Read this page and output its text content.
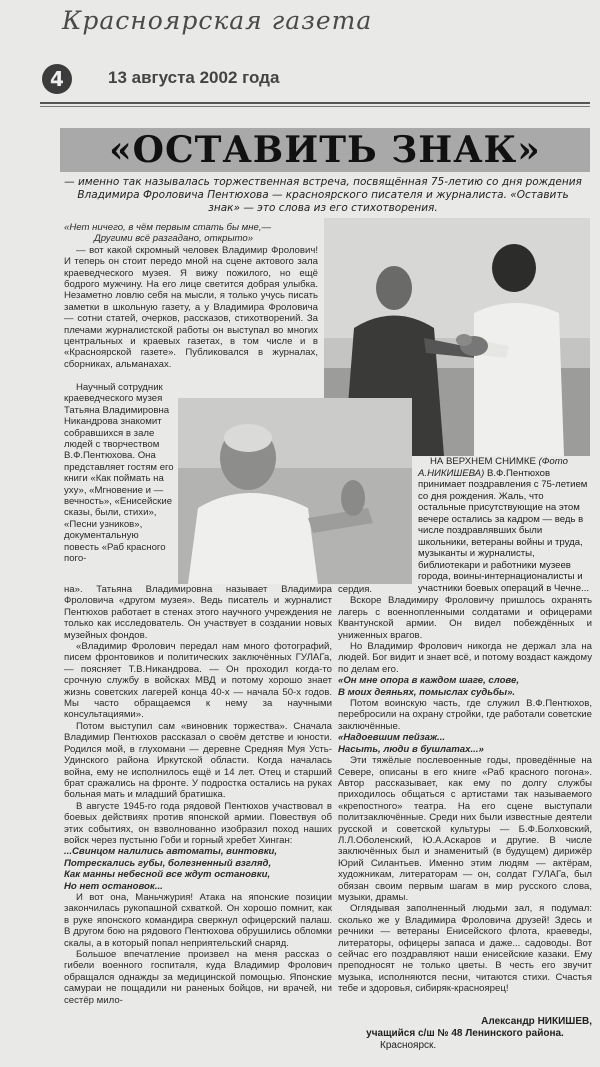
Красноярская газета
4	13 августа 2002 года
«ОСТАВИТЬ ЗНАК»
— именно так называлась торжественная встреча, посвящённая 75-летию со дня рождения Владимира Фроловича Пентюхова — красноярского писателя и журналиста. «Оставить знак» — это слова из его стихотворения.

«Нет ничего, в чём первым стать бы мне,—

Другими всё разгадано, открыто»

— вот какой скромный человек Владимир Фролович! И теперь он стоит передо мной на сцене актового зала краеведческого музея. Я вижу пожилого, но ещё бодрого мужчину. На его лице светится добрая улыбка. Незаметно ловлю себя на мысли, я только учусь писать заметки в школьную газету, а у Владимира Фроловича — сотни статей, очерков, рассказов, стихотворений. За плечами журналистской работы он выступал во многих центральных и краевых газетах, в том числе и в «Красноярской газете». Публиковался в журналах, сборниках, альманахах.

Научный сотрудник краеведческого музея Татьяна Владимировна Никандрова знакомит собравшихся в зале людей с творчеством В.Ф.Пентюхова. Она представляет гостям его книги «Как поймать на уху», «Мгновение и — вечность», «Енисейские сказы, были, стихи», «Песни узников», документальную повесть «Раб красного пого-

НА ВЕРХНЕМ СНИМКЕ (Фото А.НИКИШЕВА) В.Ф.Пентюхов принимает поздравления с 75-летием со дня рождения. Жаль, что остальные присутствующие на этом вечере остались за кадром — ведь в числе поздравлявших были школьники, ветераны войны и труда, музыканты и журналисты, библиотекари и работники музеев города, воины-интернационалисты и участники боевых операций в Чечне...

на». Татьяна Владимировна называет Владимира Фроловича «другом музея». Ведь писатель и журналист Пентюхов работает в стенах этого научного учреждения не только как исследователь. Он участвует в создании новых музейных фондов.

«Владимир Фролович передал нам много фотографий, писем фронтовиков и политических заключённых ГУЛАГа, — поясняет Т.В.Никандрова. — Он проходил когда-то срочную службу в войсках МВД и потому хорошо знает жизнь советских лагерей конца 40-х — начала 50-х годов. Мы часто обращаемся к нему за научными консультациями».

Потом выступил сам «виновник торжества». Сначала Владимир Пентюхов рассказал о своём детстве и юности. Родился мой, в глухомани — деревне Средняя Муя Усть-Удинского района Иркутской области. Когда началась война, ему не исполнилось ещё и 14 лет. Отец и старший брат сражались на фронте. У подростка остались на руках больная мать и младший братишка.

В августе 1945-го года рядовой Пентюхов участвовал в боевых действиях против японской армии. Повествуя об этих событиях, он взволнованно изобразил поход наших войск через пустыню Гоби и горный хребет Хинган:

...Свинцом налились автоматы, винтовки,

Потрескались губы, болезненный взгляд,

Как манны небесной все ждут остановки,

Но нет остановок...

И вот она, Маньчжурия! Атака на японские позиции закончилась рукопашной схваткой. Он хорошо помнит, как в руке японского командира сверкнул офицерский палаш. В другом бою на рядового Пентюхова обрушились обломки скалы, а в который попал неприятельский снаряд.

Большое впечатление произвел на меня рассказ о гибели военного госпиталя, куда Владимир Фролович обращался однажды за медицинской помощью. Японские самураи не пощадили ни раненых бойцов, ни врачей, ни сестёр мило-

сердия.

Вскоре Владимиру Фроловичу пришлось охранять лагерь с военнопленными солдатами и офицерами Квантунской армии. Он видел побеждённых и униженных врагов.

Но Владимир Фролович никогда не держал зла на людей. Бог видит и знает всё, и потому воздаст каждому по делам его.

«Он мне опора в каждом шаге, слове,

В моих деяньях, помыслах судьбы».

Потом воинскую часть, где служил В.Ф.Пентюхов, перебросили на охрану стройки, где работали советские заключённые.

«Надоевшим пейзаж...

Насыть, люди в бушлатах...»

Эти тяжёлые послевоенные годы, проведённые на Севере, описаны в его книге «Раб красного погона». Автор рассказывает, как ему по долгу службы приходилось общаться с артистами так называемого «крепостного» театра. На его сцене выступали политзаключённые. Среди них были известные деятели русской и советской культуры — Б.Ф.Болховский, Л.Л.Оболенский, Ю.А.Аскаров и другие. В числе заключённых был и знаменитый (в будущем) дирижёр Юрий Силантьев. Именно этим людям — актёрам, художникам, литераторам — он, солдат ГУЛАГа, был обязан своим первым шагам в мир русского слова, музыки, драмы.

Оглядывая заполненный людьми зал, я подумал: сколько же у Владимира Фроловича друзей! Здесь и речники — ветераны Енисейского флота, краеведы, литераторы, офицеры запаса и даже... садоводы. Вот сейчас его поздравляют наши енисейские казаки. Ему преподносят не только цветы. В честь его звучит музыка, исполняются песни, читаются стихи. Счастья тебе и здоровья, сибиряк-красноярец!

Александр НИКИШЕВ,
учащийся с/ш № 48 Ленинского района.
Красноярск.
